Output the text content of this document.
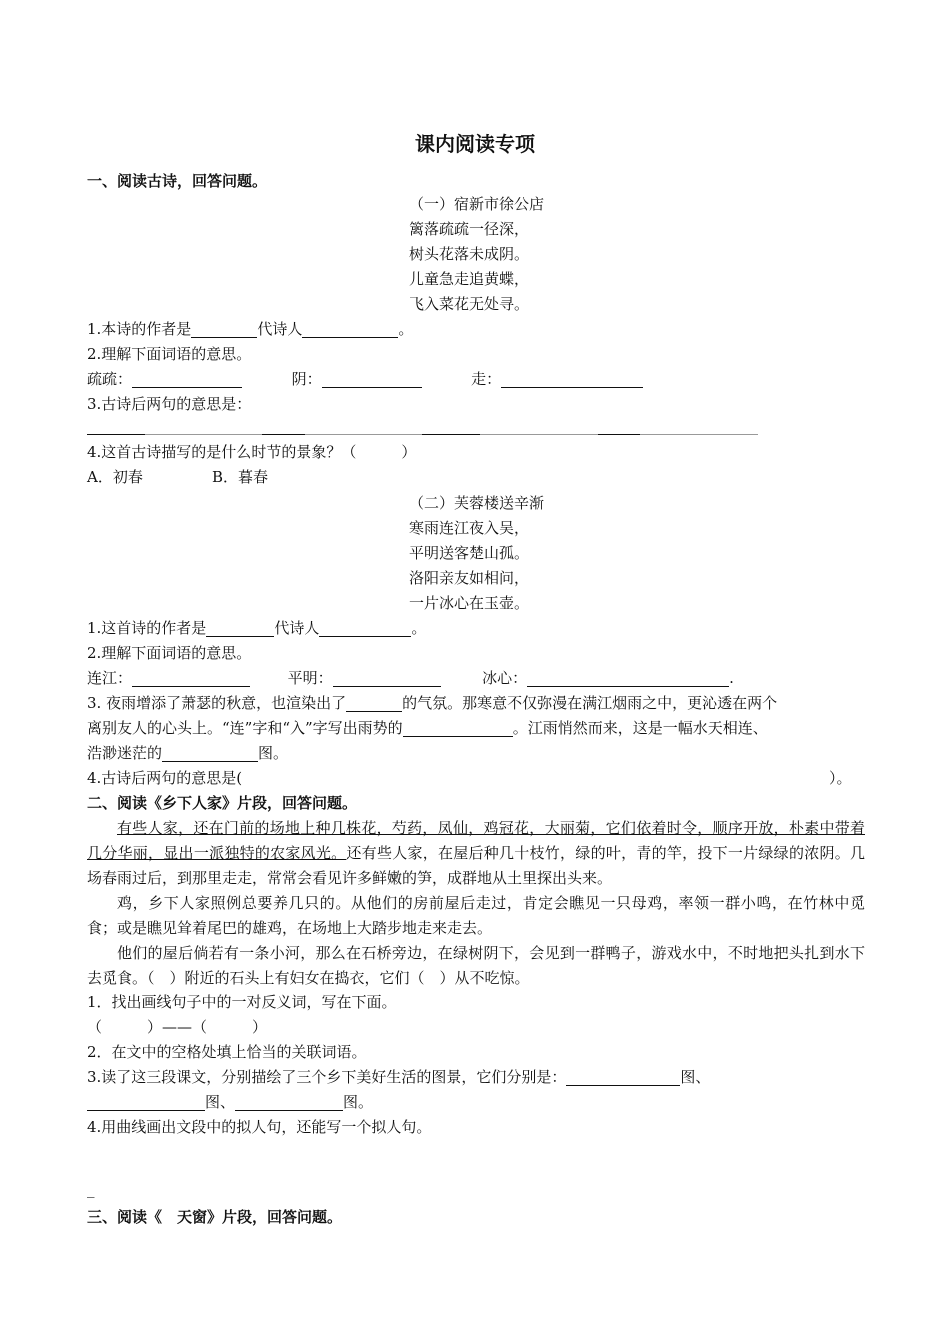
课内阅读专项
一、阅读古诗，回答问题。
（一）宿新市徐公店
篱落疏疏一径深，
树头花落未成阴。
儿童急走追黄蝶，
飞入菜花无处寻。
1.本诗的作者是	代诗人	。
2.理解下面词语的意思。
疏疏：	阴：	走：
3.古诗后两句的意思是：
4.这首古诗描写的是什么时节的景象？（　　　）
A．初春	B．暮春
（二）芙蓉楼送辛渐
寒雨连江夜入吴，
平明送客楚山孤。
洛阳亲友如相问，
一片冰心在玉壶。
1.这首诗的作者是	代诗人	。
2.理解下面词语的意思。
连江：	平明：	冰心：	.
3. 夜雨增添了萧瑟的秋意，也渲染出了	的气氛。那寒意不仅弥漫在满江烟雨之中，更沁透在两个
离别友人的心头上。“连”字和“入”字写出雨势的	。江雨悄然而来，这是一幅水天相连、
浩渺迷茫的	图。
4.古诗后两句的意思是(	）。
二、阅读《乡下人家》片段，回答问题。
有些人家，还在门前的场地上种几株花，芍药，凤仙，鸡冠花，大丽菊，它们依着时令，顺序开放，朴素中带着几分华丽，显出一派独特的农家风光。还有些人家，在屋后种几十枝竹，绿的叶，青的竿，投下一片绿绿的浓阴。几场春雨过后，到那里走走，常常会看见许多鲜嫩的笋，成群地从土里探出头来。
鸡，乡下人家照例总要养几只的。从他们的房前屋后走过，肯定会瞧见一只母鸡，率领一群小鸣，在竹林中觅食；或是瞧见耸着尾巴的雄鸡，在场地上大踏步地走来走去。
他们的屋后倘若有一条小河，那么在石桥旁边，在绿树阴下，会见到一群鸭子，游戏水中，不时地把头扎到水下去觅食。（　）附近的石头上有妇女在捣衣，它们（　）从不吃惊。
1．找出画线句子中的一对反义词，写在下面。
（　　　）——（　　　）
2．在文中的空格处填上恰当的关联词语。
3.读了这三段课文，分别描绘了三个乡下美好生活的图景，它们分别是：	图、
图、	图。
4.用曲线画出文段中的拟人句，还能写一个拟人句。
_
三、阅读《　天窗》片段，回答问题。
